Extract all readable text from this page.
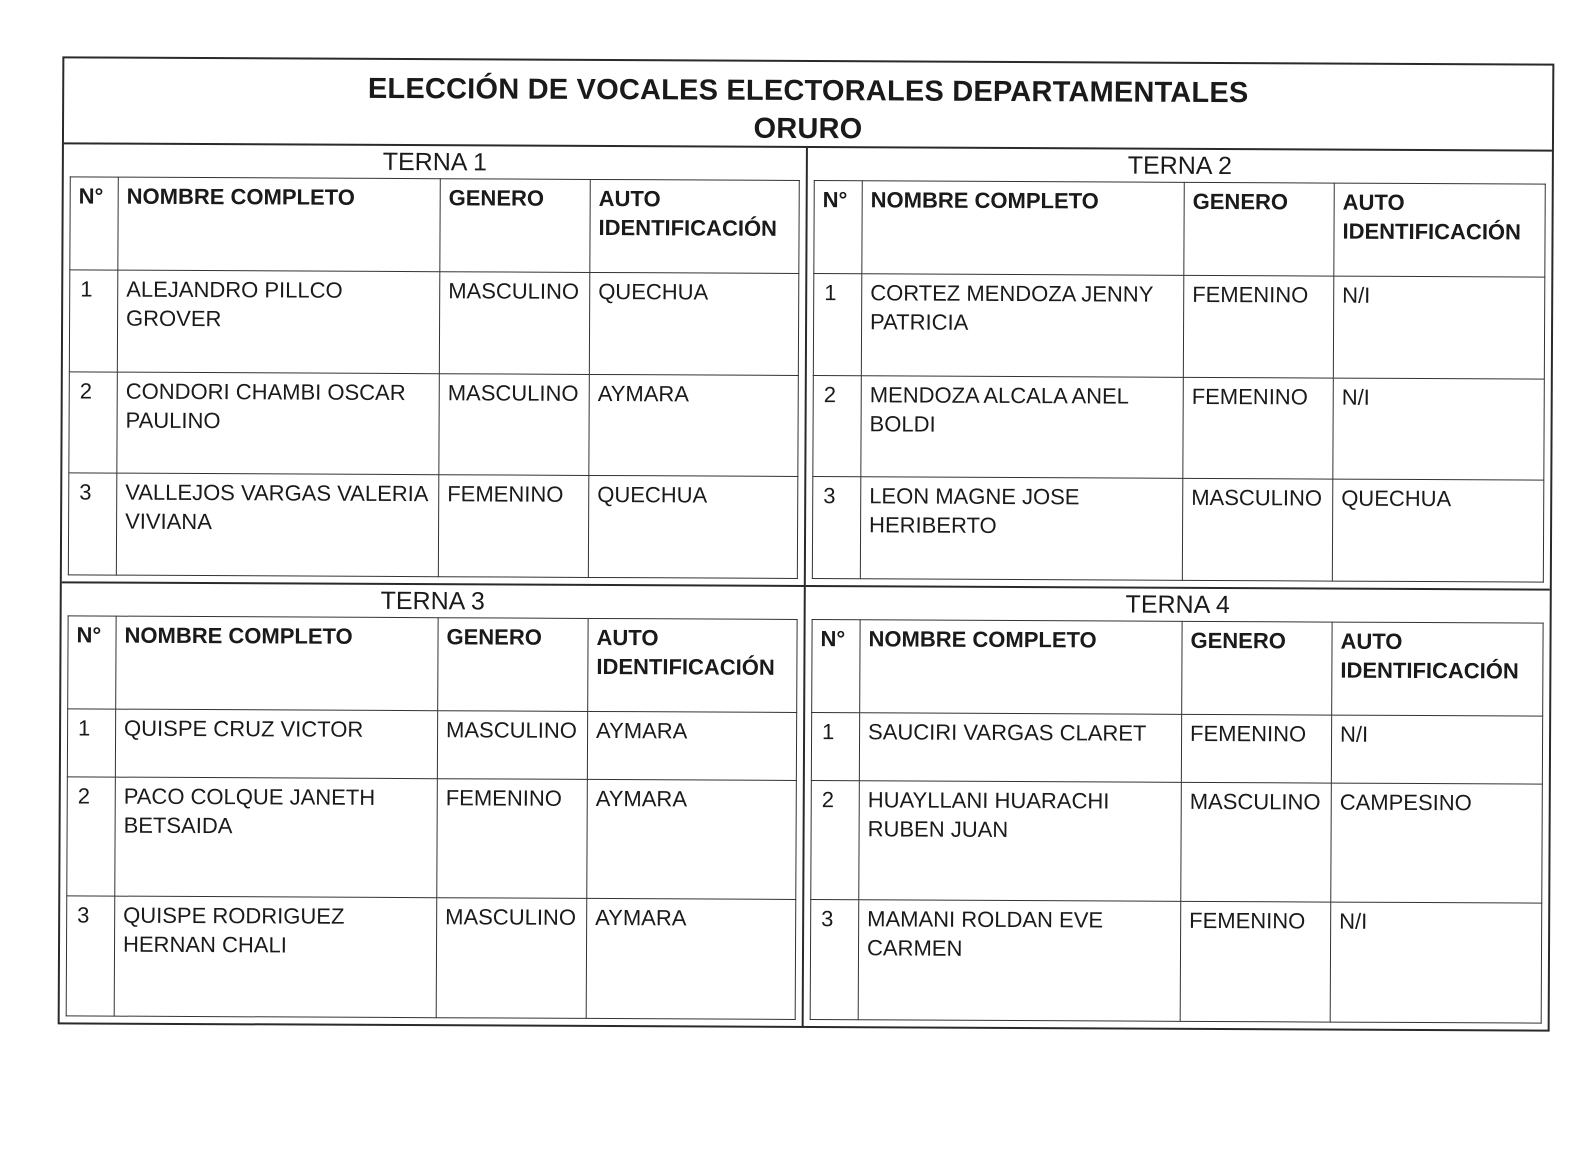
ELECCIÓN DE VOCALES ELECTORALES DEPARTAMENTALES
ORURO
TERNA 1
N°	NOMBRE COMPLETO	GENERO	AUTO IDENTIFICACIÓN
1	ALEJANDRO PILLCO GROVER	MASCULINO	QUECHUA
2	CONDORI CHAMBI OSCAR PAULINO	MASCULINO	AYMARA
3	VALLEJOS VARGAS VALERIA VIVIANA	FEMENINO	QUECHUA
TERNA 2
N°	NOMBRE COMPLETO	GENERO	AUTO IDENTIFICACIÓN
1	CORTEZ MENDOZA JENNY PATRICIA	FEMENINO	N/I
2	MENDOZA ALCALA ANEL BOLDI	FEMENINO	N/I
3	LEON MAGNE JOSE HERIBERTO	MASCULINO	QUECHUA
TERNA 3
N°	NOMBRE COMPLETO	GENERO	AUTO IDENTIFICACIÓN
1	QUISPE CRUZ VICTOR	MASCULINO	AYMARA
2	PACO COLQUE JANETH BETSAIDA	FEMENINO	AYMARA
3	QUISPE RODRIGUEZ HERNAN CHALI	MASCULINO	AYMARA
TERNA 4
N°	NOMBRE COMPLETO	GENERO	AUTO IDENTIFICACIÓN
1	SAUCIRI VARGAS CLARET	FEMENINO	N/I
2	HUAYLLANI HUARACHI RUBEN JUAN	MASCULINO	CAMPESINO
3	MAMANI ROLDAN EVE CARMEN	FEMENINO	N/I
